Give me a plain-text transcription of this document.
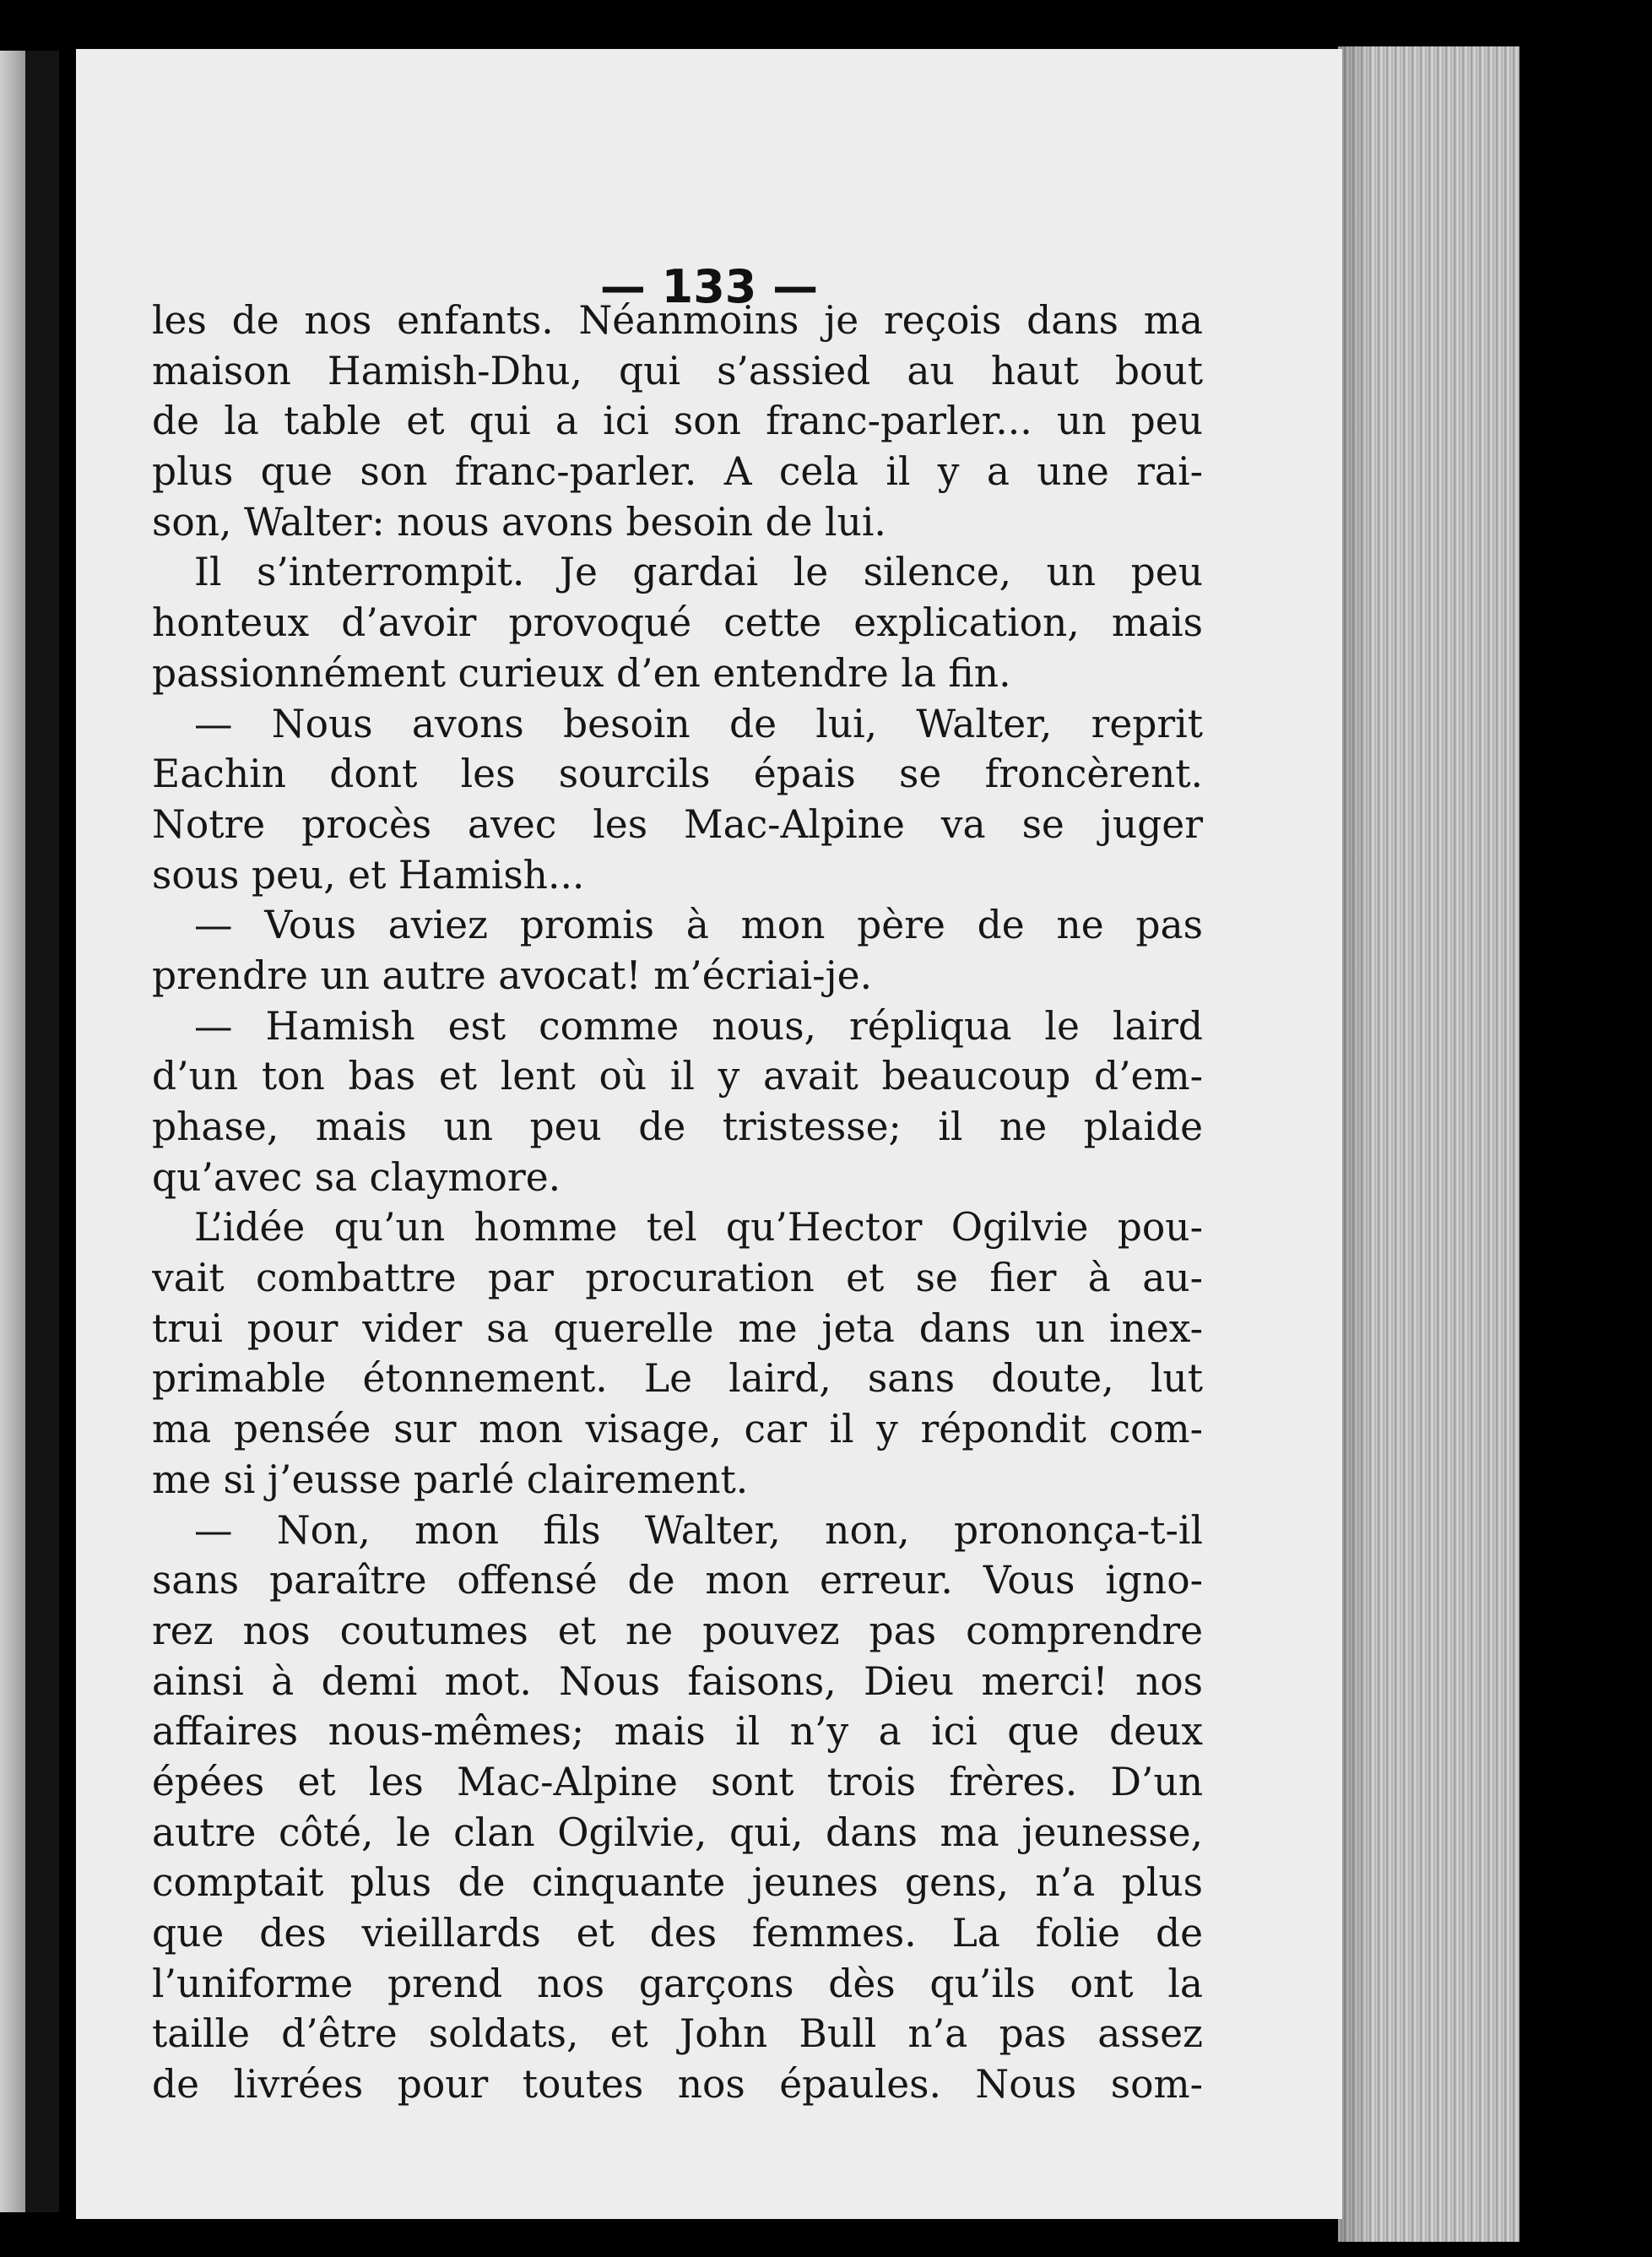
— 133 —
les de nos enfants. Néanmoins je reçois dans ma
maison Hamish-Dhu, qui s’assied au haut bout
de la table et qui a ici son franc-parler... un peu
plus que son franc-parler. A cela il y a une rai-
son, Walter: nous avons besoin de lui.
Il s’interrompit. Je gardai le silence, un peu
honteux d’avoir provoqué cette explication, mais
passionnément curieux d’en entendre la fin.
— Nous avons besoin de lui, Walter, reprit
Eachin dont les sourcils épais se froncèrent.
Notre procès avec les Mac-Alpine va se juger
sous peu, et Hamish...
— Vous aviez promis à mon père de ne pas
prendre un autre avocat! m’écriai-je.
— Hamish est comme nous, répliqua le laird
d’un ton bas et lent où il y avait beaucoup d’em-
phase, mais un peu de tristesse; il ne plaide
qu’avec sa claymore.
L’idée qu’un homme tel qu’Hector Ogilvie pou-
vait combattre par procuration et se fier à au-
trui pour vider sa querelle me jeta dans un inex-
primable étonnement. Le laird, sans doute, lut
ma pensée sur mon visage, car il y répondit com-
me si j’eusse parlé clairement.
— Non, mon fils Walter, non, prononça-t-il
sans paraître offensé de mon erreur. Vous igno-
rez nos coutumes et ne pouvez pas comprendre
ainsi à demi mot. Nous faisons, Dieu merci! nos
affaires nous-mêmes; mais il n’y a ici que deux
épées et les Mac-Alpine sont trois frères. D’un
autre côté, le clan Ogilvie, qui, dans ma jeunesse,
comptait plus de cinquante jeunes gens, n’a plus
que des vieillards et des femmes. La folie de
l’uniforme prend nos garçons dès qu’ils ont la
taille d’être soldats, et John Bull n’a pas assez
de livrées pour toutes nos épaules. Nous som-
